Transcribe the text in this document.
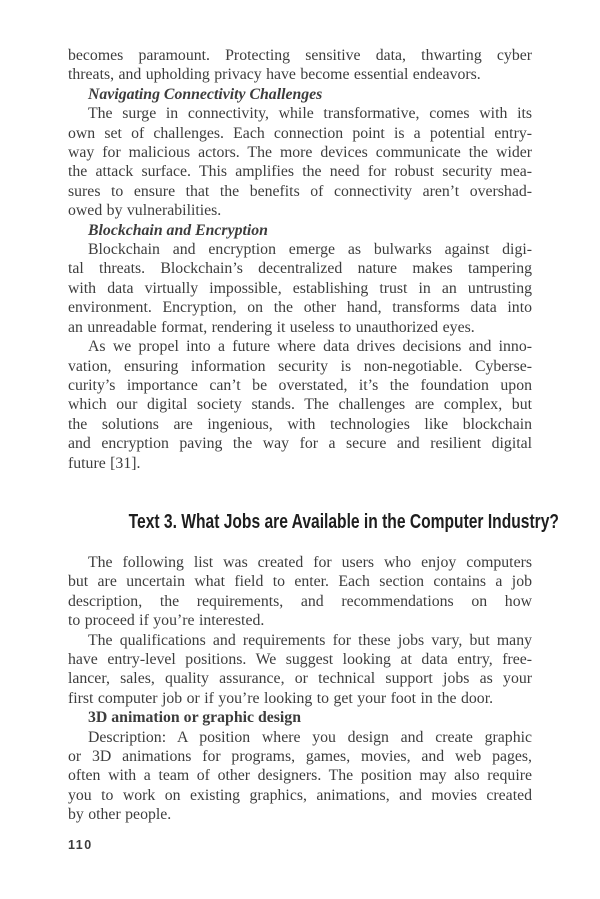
becomes paramount. Protecting sensitive data, thwarting cyber
threats, and upholding privacy have become essential endeavors.
Navigating Connectivity Challenges
The surge in connectivity, while transformative, comes with its
own set of challenges. Each connection point is a potential entry-
way for malicious actors. The more devices communicate the wider
the attack surface. This amplifies the need for robust security mea-
sures to ensure that the benefits of connectivity aren’t overshad-
owed by vulnerabilities.
Blockchain and Encryption
Blockchain and encryption emerge as bulwarks against digi-
tal threats. Blockchain’s decentralized nature makes tampering
with data virtually impossible, establishing trust in an untrusting
environment. Encryption, on the other hand, transforms data into
an unreadable format, rendering it useless to unauthorized eyes.
As we propel into a future where data drives decisions and inno-
vation, ensuring information security is non-negotiable. Cyberse-
curity’s importance can’t be overstated, it’s the foundation upon
which our digital society stands. The challenges are complex, but
the solutions are ingenious, with technologies like blockchain
and encryption paving the way for a secure and resilient digital
future [31].
Text 3. What Jobs are Available in the Computer Industry?
The following list was created for users who enjoy computers
but are uncertain what field to enter. Each section contains a job
description, the requirements, and recommendations on how
to proceed if you’re interested.
The qualifications and requirements for these jobs vary, but many
have entry-level positions. We suggest looking at data entry, free-
lancer, sales, quality assurance, or technical support jobs as your
first computer job or if you’re looking to get your foot in the door.
3D animation or graphic design
Description: A position where you design and create graphic
or 3D animations for programs, games, movies, and web pages,
often with a team of other designers. The position may also require
you to work on existing graphics, animations, and movies created
by other people.
110
